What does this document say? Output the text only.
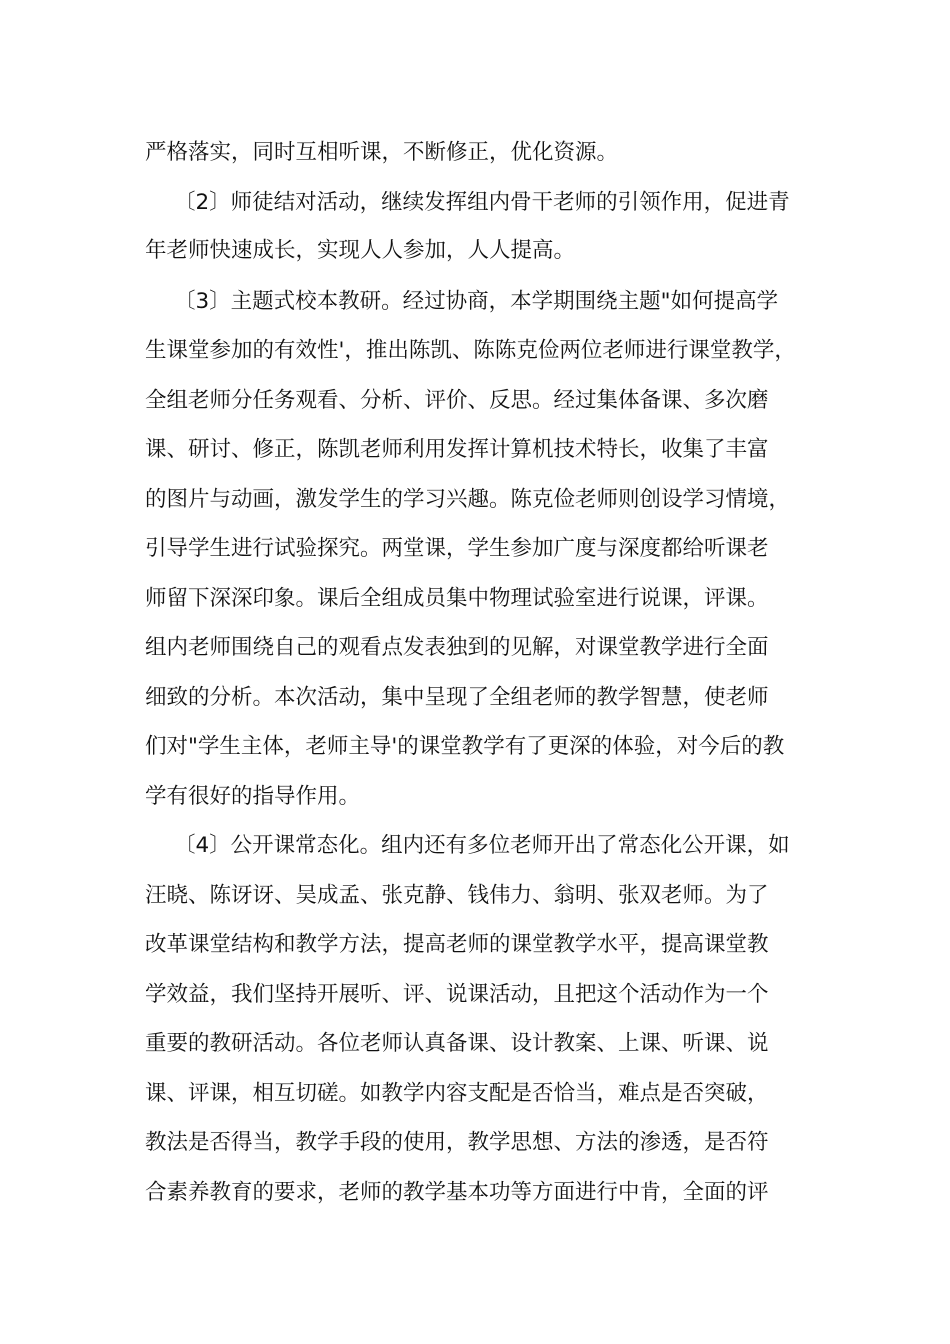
严格落实，同时互相听课，不断修正，优化资源。
〔2〕师徒结对活动，继续发挥组内骨干老师的引领作用，促进青
年老师快速成长，实现人人参加，人人提高。
〔3〕主题式校本教研。经过协商，本学期围绕主题"如何提高学
生课堂参加的有效性'，推出陈凯、陈陈克俭两位老师进行课堂教学，
全组老师分任务观看、分析、评价、反思。经过集体备课、多次磨
课、研讨、修正，陈凯老师利用发挥计算机技术特长，收集了丰富
的图片与动画，激发学生的学习兴趣。陈克俭老师则创设学习情境，
引导学生进行试验探究。两堂课，学生参加广度与深度都给听课老
师留下深深印象。课后全组成员集中物理试验室进行说课，评课。
组内老师围绕自己的观看点发表独到的见解，对课堂教学进行全面
细致的分析。本次活动，集中呈现了全组老师的教学智慧，使老师
们对"学生主体，老师主导'的课堂教学有了更深的体验，对今后的教
学有很好的指导作用。
〔4〕公开课常态化。组内还有多位老师开出了常态化公开课，如
汪晓、陈讶讶、吴成孟、张克静、钱伟力、翁明、张双老师。为了
改革课堂结构和教学方法，提高老师的课堂教学水平，提高课堂教
学效益，我们坚持开展听、评、说课活动，且把这个活动作为一个
重要的教研活动。各位老师认真备课、设计教案、上课、听课、说
课、评课，相互切磋。如教学内容支配是否恰当，难点是否突破，
教法是否得当，教学手段的使用，教学思想、方法的渗透，是否符
合素养教育的要求，老师的教学基本功等方面进行中肯，全面的评
